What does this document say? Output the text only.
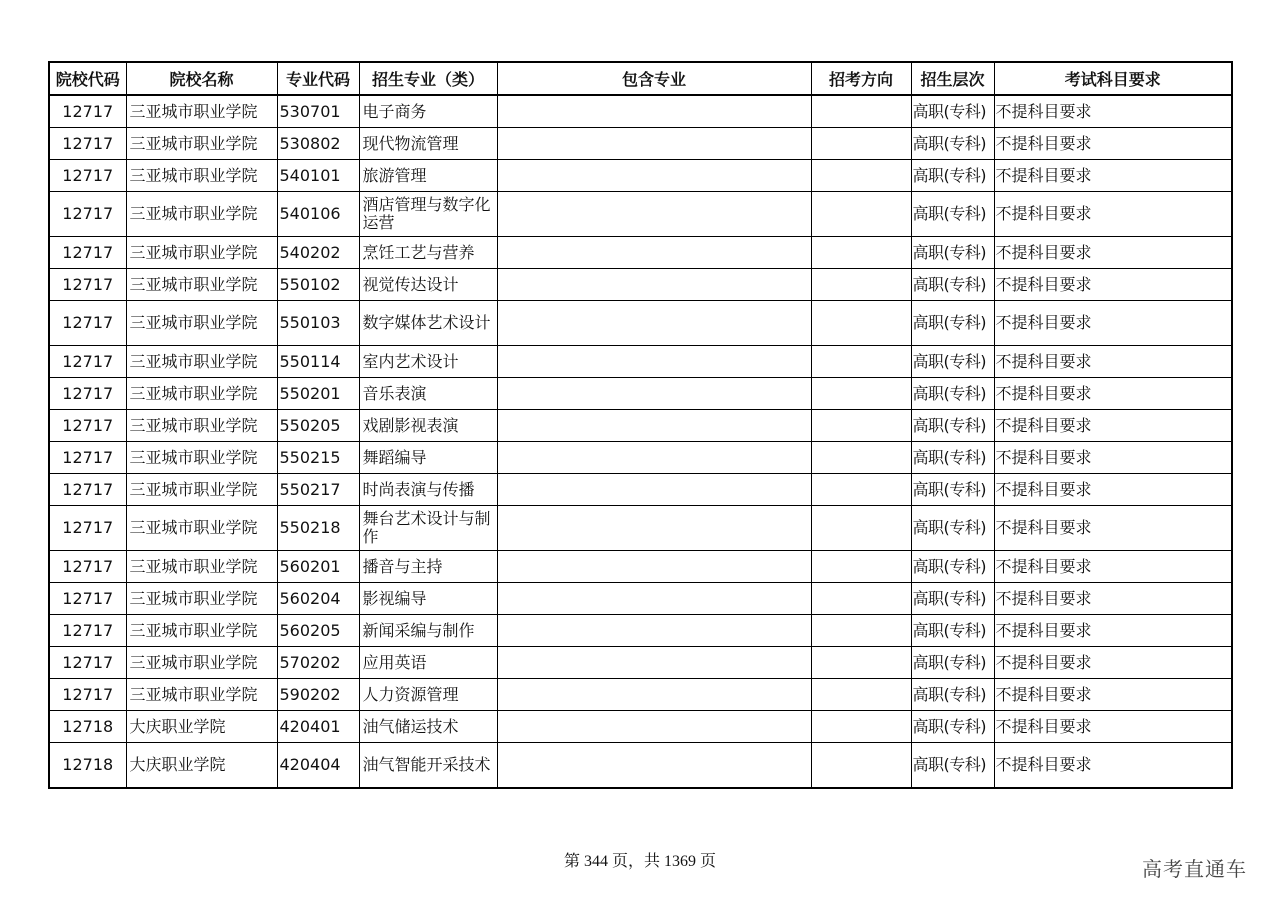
院校代码	院校名称	专业代码	招生专业（类）	包含专业	招考方向	招生层次	考试科目要求
12717	三亚城市职业学院	530701	电子商务			高职(专科)	不提科目要求
12717	三亚城市职业学院	530802	现代物流管理			高职(专科)	不提科目要求
12717	三亚城市职业学院	540101	旅游管理			高职(专科)	不提科目要求
12717	三亚城市职业学院	540106	酒店管理与数字化运营			高职(专科)	不提科目要求
12717	三亚城市职业学院	540202	烹饪工艺与营养			高职(专科)	不提科目要求
12717	三亚城市职业学院	550102	视觉传达设计			高职(专科)	不提科目要求
12717	三亚城市职业学院	550103	数字媒体艺术设计			高职(专科)	不提科目要求
12717	三亚城市职业学院	550114	室内艺术设计			高职(专科)	不提科目要求
12717	三亚城市职业学院	550201	音乐表演			高职(专科)	不提科目要求
12717	三亚城市职业学院	550205	戏剧影视表演			高职(专科)	不提科目要求
12717	三亚城市职业学院	550215	舞蹈编导			高职(专科)	不提科目要求
12717	三亚城市职业学院	550217	时尚表演与传播			高职(专科)	不提科目要求
12717	三亚城市职业学院	550218	舞台艺术设计与制作			高职(专科)	不提科目要求
12717	三亚城市职业学院	560201	播音与主持			高职(专科)	不提科目要求
12717	三亚城市职业学院	560204	影视编导			高职(专科)	不提科目要求
12717	三亚城市职业学院	560205	新闻采编与制作			高职(专科)	不提科目要求
12717	三亚城市职业学院	570202	应用英语			高职(专科)	不提科目要求
12717	三亚城市职业学院	590202	人力资源管理			高职(专科)	不提科目要求
12718	大庆职业学院	420401	油气储运技术			高职(专科)	不提科目要求
12718	大庆职业学院	420404	油气智能开采技术			高职(专科)	不提科目要求
第 344 页，共 1369 页	高考直通车
